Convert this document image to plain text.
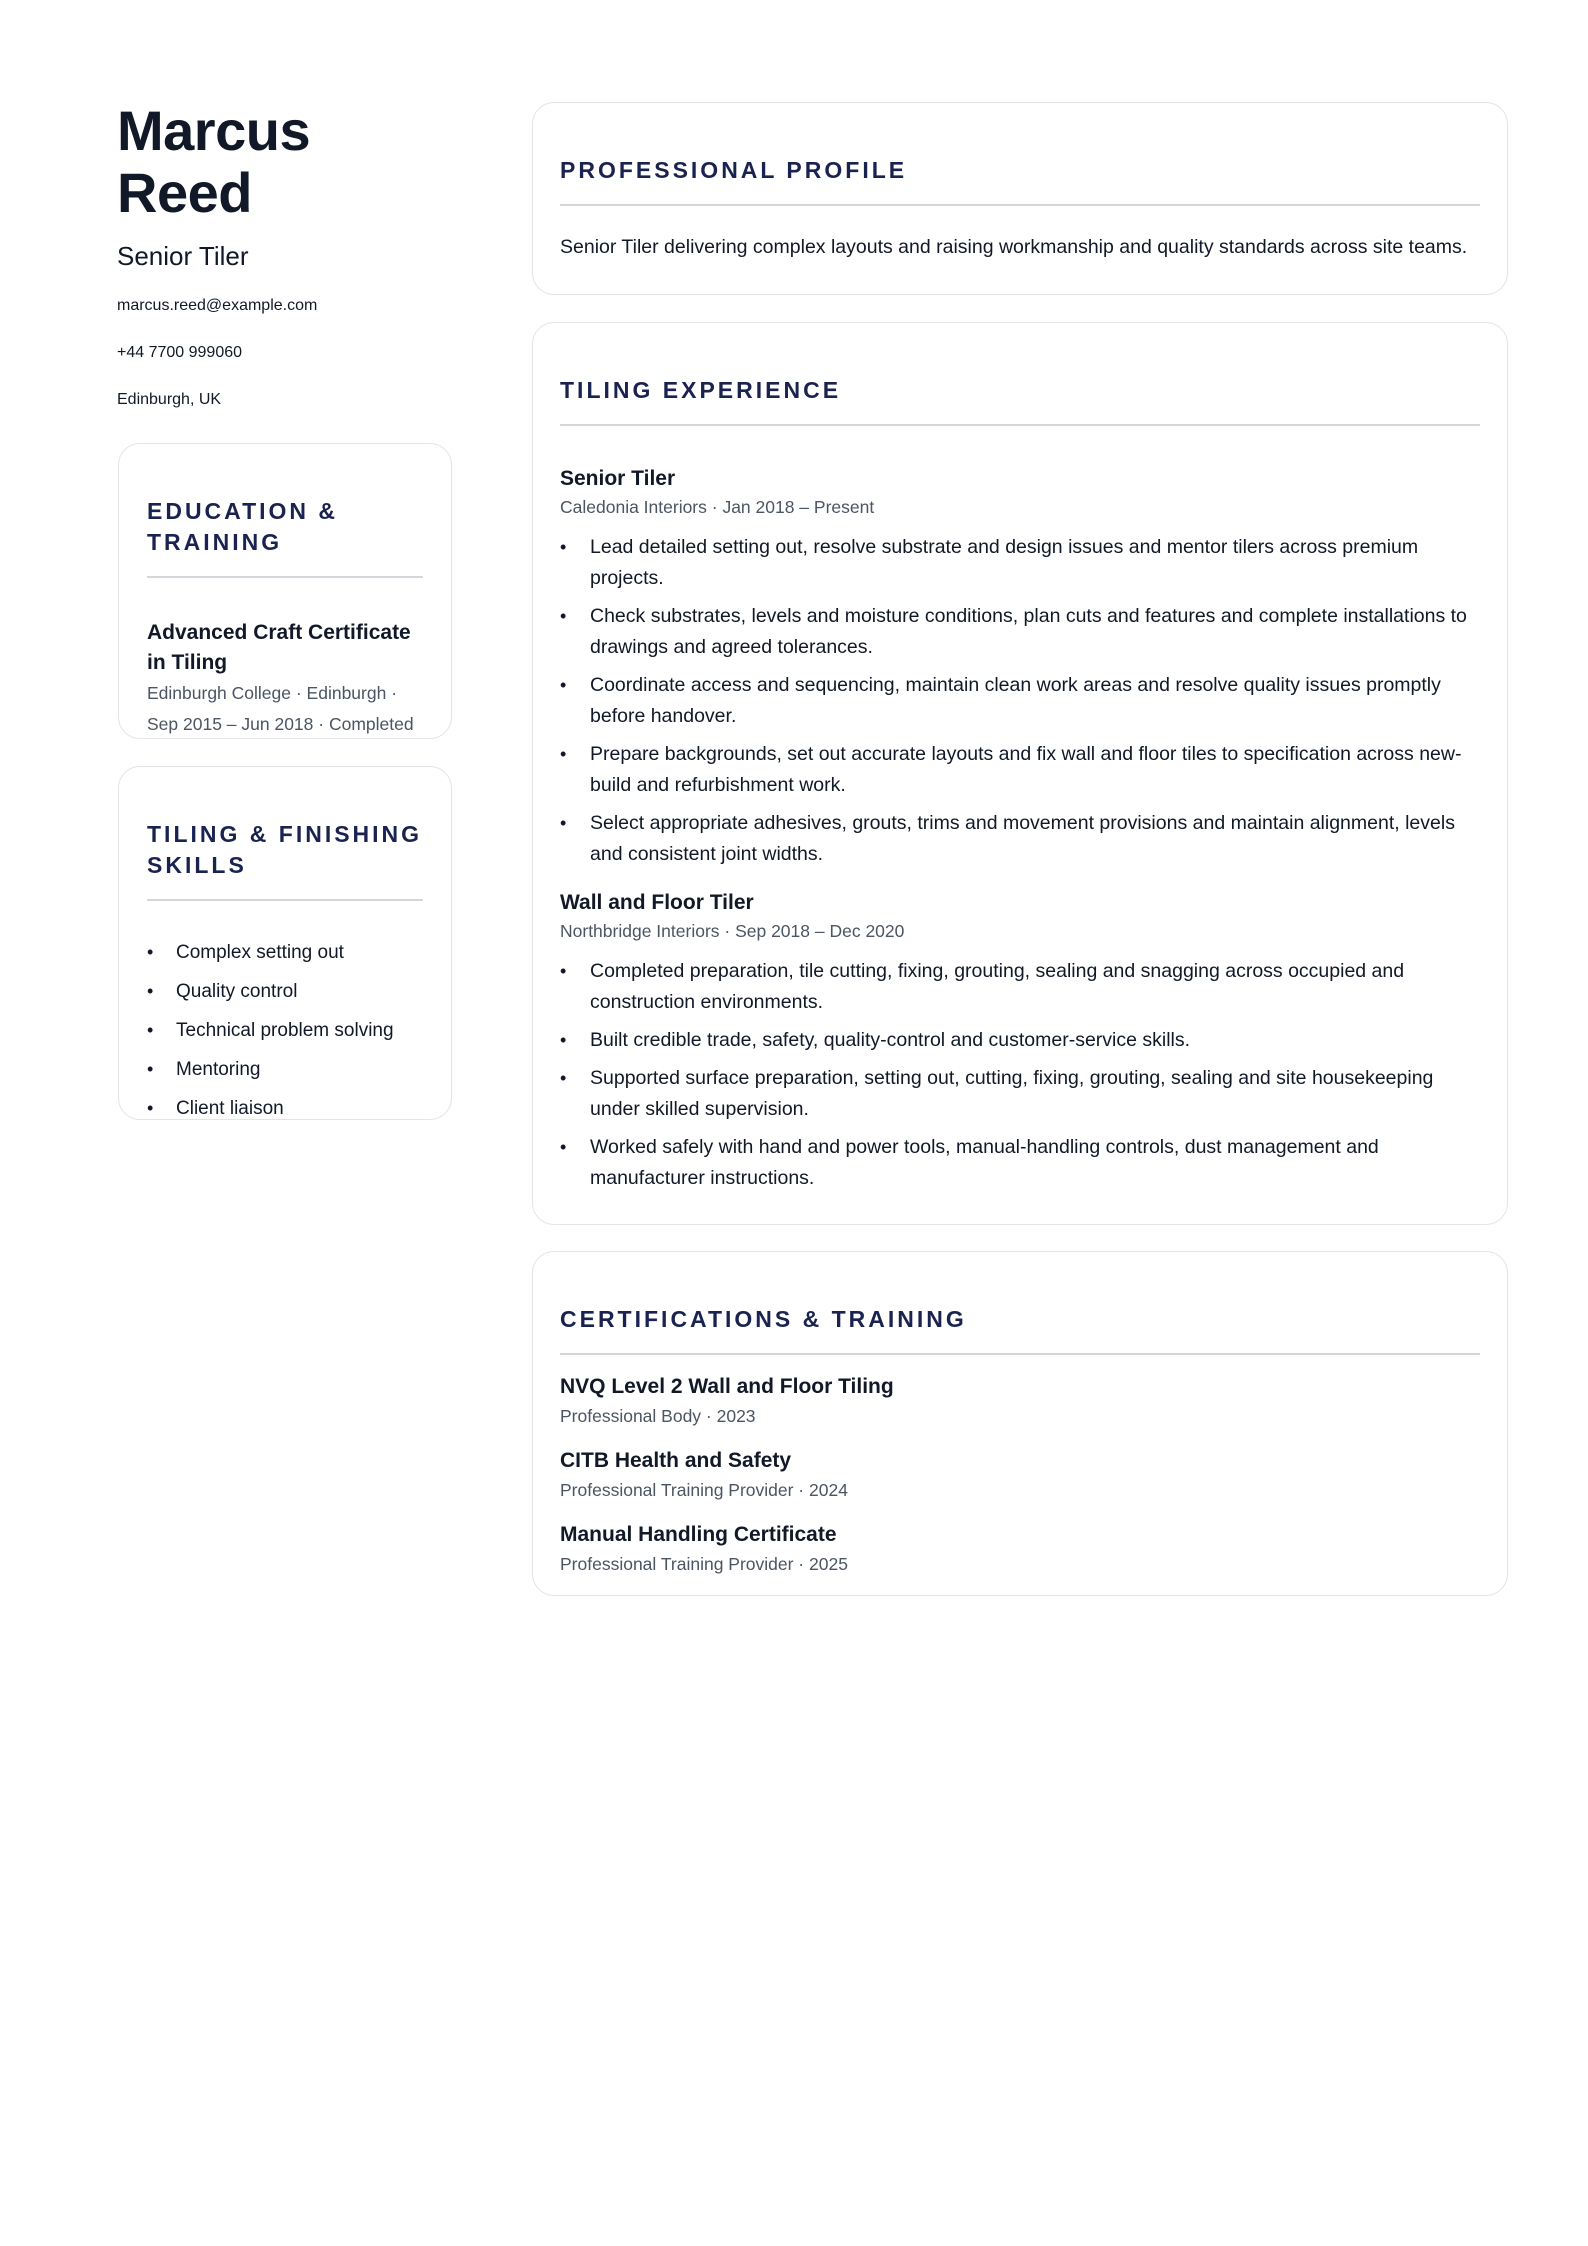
Marcus Reed
Senior Tiler
marcus.reed@example.com
+44 7700 999060
Edinburgh, UK
EDUCATION &
TRAINING
Advanced Craft Certificate
in Tiling
Edinburgh College · Edinburgh ·
Sep 2015 – Jun 2018 · Completed
TILING & FINISHING
SKILLS
• Complex setting out
• Quality control
• Technical problem solving
• Mentoring
• Client liaison
PROFESSIONAL PROFILE
Senior Tiler delivering complex layouts and raising workmanship and quality standards across site teams.
TILING EXPERIENCE
Senior Tiler
Caledonia Interiors · Jan 2018 – Present
• Lead detailed setting out, resolve substrate and design issues and mentor tilers across premium projects.
• Check substrates, levels and moisture conditions, plan cuts and features and complete installations to drawings and agreed tolerances.
• Coordinate access and sequencing, maintain clean work areas and resolve quality issues promptly before handover.
• Prepare backgrounds, set out accurate layouts and fix wall and floor tiles to specification across new-build and refurbishment work.
• Select appropriate adhesives, grouts, trims and movement provisions and maintain alignment, levels and consistent joint widths.
Wall and Floor Tiler
Northbridge Interiors · Sep 2018 – Dec 2020
• Completed preparation, tile cutting, fixing, grouting, sealing and snagging across occupied and construction environments.
• Built credible trade, safety, quality-control and customer-service skills.
• Supported surface preparation, setting out, cutting, fixing, grouting, sealing and site housekeeping under skilled supervision.
• Worked safely with hand and power tools, manual-handling controls, dust management and manufacturer instructions.
CERTIFICATIONS & TRAINING
NVQ Level 2 Wall and Floor Tiling
Professional Body · 2023
CITB Health and Safety
Professional Training Provider · 2024
Manual Handling Certificate
Professional Training Provider · 2025
